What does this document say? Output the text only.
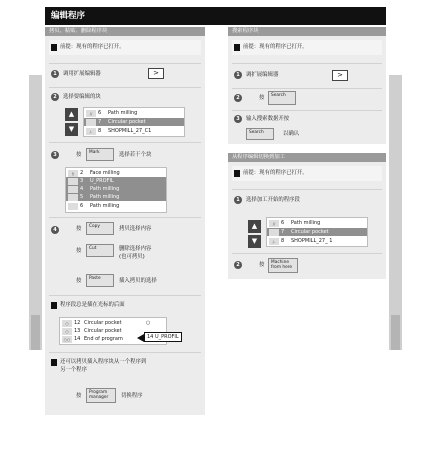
编辑程序
拷贝、粘贴、删除程序块
前提：现有的程序已打开。
1	调用扩展编辑器	>
2	选择要编辑的块
▲
▼
//	6 Path milling
7 Circular pocket
/-	8 SHOPMILL_27_C1
3	按	Mark	选择若干个块
§	2 Face milling
3 U_PROFIL
4 Path milling
5 Path milling
6 Path milling
4	按	Copy	拷贝选择内容
按	Cut	删除选择内容
(也可拷贝)
按	Paste	插入拷贝的选择
程序段总是插在光标的后面
○	12 Circular pocket	○
○	13 Circular pocket
○○ 14 End of program	14 U_PROFIL
还可以拷贝插入程序块从一个程序到
另一个程序
按
Program
manager	切换程序
搜索程序块
前提：现有的程序已打开。
1	调扩展编辑器	>
2	按	Search
3	输入搜索数据开按
Search	以确认
从程序编辑切换到加工
前提：现有的程序已打开。
1	选择加工开始的程序段
▲
▼
//	6 Path milling
7 Circular pocket
/-	8 SHOPMILL_27_ 1
2	按	Machine
from here
